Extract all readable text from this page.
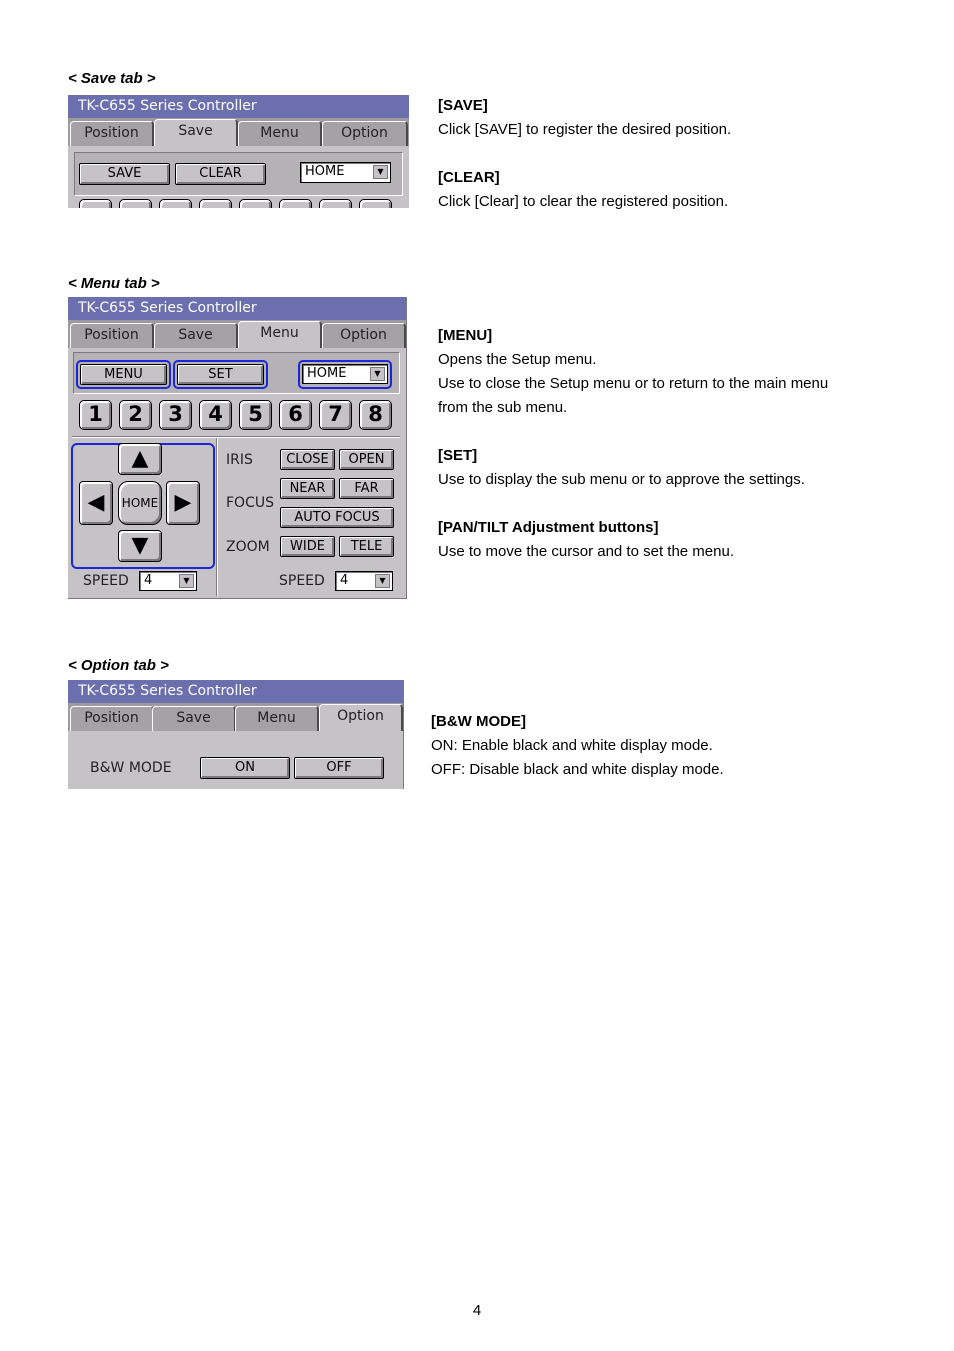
< Save tab >
TK-C655 Series Controller
Position	Save	Menu	Option
SAVE	CLEAR	HOME	▼
[SAVE]
Click [SAVE] to register the desired position.
[CLEAR]
Click [Clear] to clear the registered position.
< Menu tab >
TK-C655 Series Controller
Position	Save	Menu	Option
MENU	SET	HOME	▼
1	2	3	4	5	6	7	8
▲
◀	HOME ▶
▼
SPEED	4	▼
IRIS	CLOSE	OPEN
FOCUS
NEAR	FAR
AUTO FOCUS
ZOOM	WIDE	TELE
SPEED	4	▼
[MENU]
Opens the Setup menu.
Use to close the Setup menu or to return to the main menu
from the sub menu.
[SET]
Use to display the sub menu or to approve the settings.
[PAN/TILT Adjustment buttons]
Use to move the cursor and to set the menu.
< Option tab >
TK-C655 Series Controller
Position	Save	Menu	Option
B&W MODE	ON	OFF
[B&W MODE]
ON: Enable black and white display mode.
OFF: Disable black and white display mode.
4
